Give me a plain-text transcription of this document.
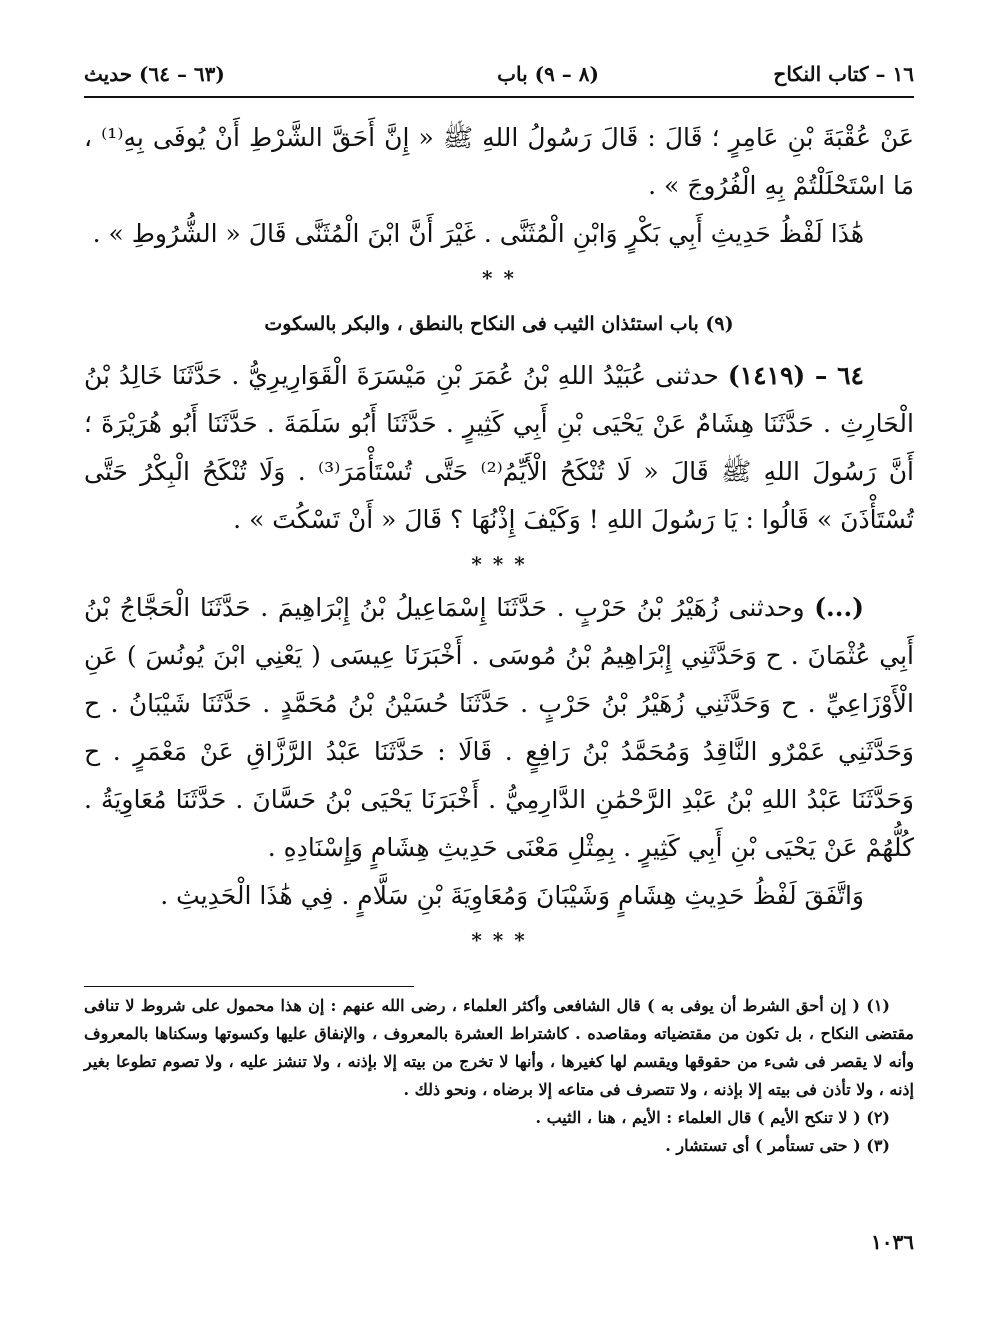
١٦ – كتاب النكاح
(٨ – ٩) باب
(٦٣ – ٦٤) حديث

عَنْ عُقْبَةَ بْنِ عَامِرٍ ؛ قَالَ : قَالَ رَسُولُ اللهِ ﷺ « إِنَّ أَحَقَّ الشَّرْطِ أَنْ يُوفَى بِهِ⁽¹⁾ ، مَا اسْتَحْلَلْتُمْ بِهِ الْفُرُوجَ » .

هَٰذَا لَفْظُ حَدِيثِ أَبِي بَكْرٍ وَابْنِ الْمُثَنَّى . غَيْرَ أَنَّ ابْنَ الْمُثَنَّى قَالَ « الشُّرُوطِ » .

* *
(٩) باب استئذان الثيب فى النكاح بالنطق ، والبكر بالسكوت

٦٤ – (١٤١٩) حدثنى عُبَيْدُ اللهِ بْنُ عُمَرَ بْنِ مَيْسَرَةَ الْقَوَارِيرِيُّ . حَدَّثَنَا خَالِدُ بْنُ الْحَارِثِ . حَدَّثَنَا هِشَامٌ عَنْ يَحْيَى بْنِ أَبِي كَثِيرٍ . حَدَّثَنَا أَبُو سَلَمَةَ . حَدَّثَنَا أَبُو هُرَيْرَةَ ؛ أَنَّ رَسُولَ اللهِ ﷺ قَالَ « لَا تُنْكَحُ الْأَيِّمُ⁽²⁾ حَتَّى تُسْتَأْمَرَ⁽³⁾ . وَلَا تُنْكَحُ الْبِكْرُ حَتَّى تُسْتَأْذَنَ » قَالُوا : يَا رَسُولَ اللهِ ! وَكَيْفَ إِذْنُهَا ؟ قَالَ « أَنْ تَسْكُتَ » .

* * *

(...) وحدثنى زُهَيْرُ بْنُ حَرْبٍ . حَدَّثَنَا إِسْمَاعِيلُ بْنُ إِبْرَاهِيمَ . حَدَّثَنَا الْحَجَّاجُ بْنُ أَبِي عُثْمَانَ . ح وَحَدَّثَنِي إِبْرَاهِيمُ بْنُ مُوسَى . أَخْبَرَنَا عِيسَى ( يَعْنِي ابْنَ يُونُسَ ) عَنِ الْأَوْزَاعِيِّ . ح وَحَدَّثَنِي زُهَيْرُ بْنُ حَرْبٍ . حَدَّثَنَا حُسَيْنُ بْنُ مُحَمَّدٍ . حَدَّثَنَا شَيْبَانُ . ح وَحَدَّثَنِي عَمْرٌو النَّاقِدُ وَمُحَمَّدُ بْنُ رَافِعٍ . قَالَا : حَدَّثَنَا عَبْدُ الرَّزَّاقِ عَنْ مَعْمَرٍ . ح وَحَدَّثَنَا عَبْدُ اللهِ بْنُ عَبْدِ الرَّحْمَٰنِ الدَّارِمِيُّ . أَخْبَرَنَا يَحْيَى بْنُ حَسَّانَ . حَدَّثَنَا مُعَاوِيَةُ . كُلُّهُمْ عَنْ يَحْيَى بْنِ أَبِي كَثِيرٍ . بِمِثْلِ مَعْنَى حَدِيثِ هِشَامٍ وَإِسْنَادِهِ .

وَاتَّفَقَ لَفْظُ حَدِيثِ هِشَامٍ وَشَيْبَانَ وَمُعَاوِيَةَ بْنِ سَلَّامٍ . فِي هَٰذَا الْحَدِيثِ .

* * *

(١) ( إن أحق الشرط أن يوفى به ) قال الشافعى وأكثر العلماء ، رضى الله عنهم : إن هذا محمول على شروط لا تنافى مقتضى النكاح ، بل تكون من مقتضياته ومقاصده . كاشتراط العشرة بالمعروف ، والإنفاق عليها وكسوتها وسكناها بالمعروف وأنه لا يقصر فى شىء من حقوقها ويقسم لها كغيرها ، وأنها لا تخرج من بيته إلا بإذنه ، ولا تنشز عليه ، ولا تصوم تطوعا بغير إذنه ، ولا تأذن فى بيته إلا بإذنه ، ولا تتصرف فى متاعه إلا برضاه ، ونحو ذلك .

(٢) ( لا تنكح الأيم ) قال العلماء : الأيم ، هنا ، الثيب .

(٣) ( حتى تستأمر ) أى تستشار .

١٠٣٦
